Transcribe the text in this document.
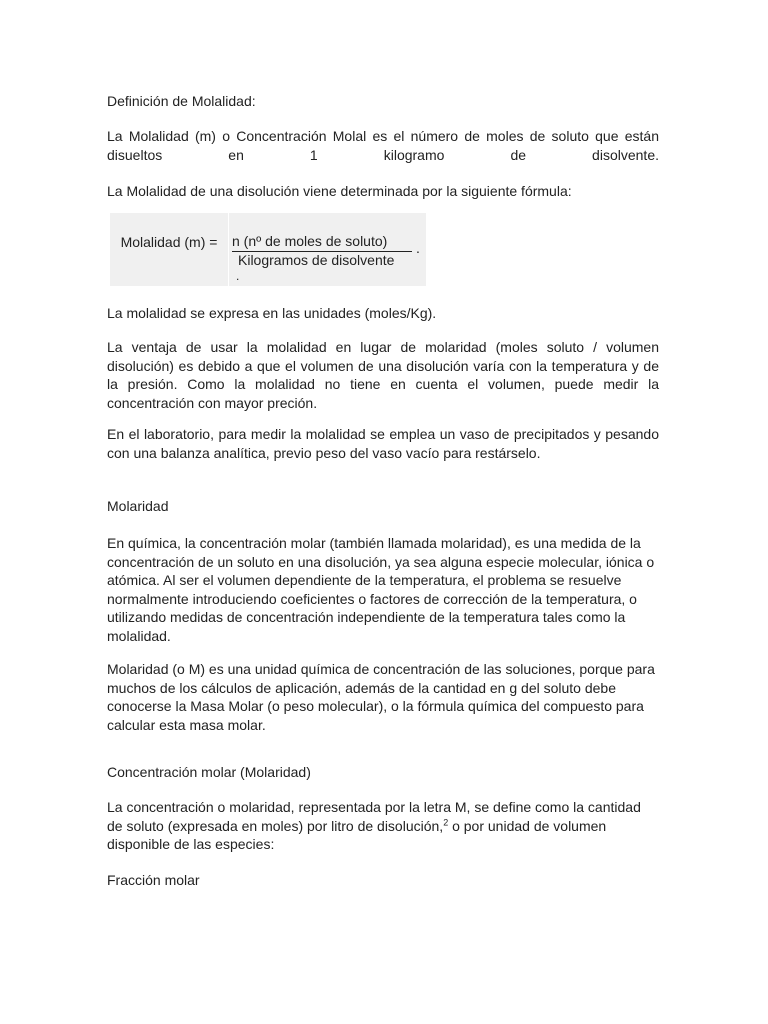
Definición de Molalidad:

La Molalidad (m) o Concentración Molal es el número de moles de soluto que están disueltos en 1 kilogramo de disolvente.

La Molalidad de una disolución viene determinada por la siguiente fórmula:

Molalidad (m) =	n (nº de moles de soluto)
Kilogramos de disolvente
.
.

La molalidad se expresa en las unidades (moles/Kg).

La ventaja de usar la molalidad en lugar de molaridad (moles soluto / volumen disolución) es debido a que el volumen de una disolución varía con la temperatura y de la presión. Como la molalidad no tiene en cuenta el volumen, puede medir la concentración con mayor preción.

En el laboratorio, para medir la molalidad se emplea un vaso de precipitados y pesando con una balanza analítica, previo peso del vaso vacío para restárselo.

Molaridad

En química, la concentración molar (también llamada molaridad), es una medida de la concentración de un soluto en una disolución, ya sea alguna especie molecular, iónica o atómica. Al ser el volumen dependiente de la temperatura, el problema se resuelve normalmente introduciendo coeficientes o factores de corrección de la temperatura, o utilizando medidas de concentración independiente de la temperatura tales como la molalidad.

Molaridad (o M) es una unidad química de concentración de las soluciones, porque para muchos de los cálculos de aplicación, además de la cantidad en g del soluto debe conocerse la Masa Molar (o peso molecular), o la fórmula química del compuesto para calcular esta masa molar.

Concentración molar (Molaridad)

La concentración o molaridad, representada por la letra M, se define como la cantidad de soluto (expresada en moles) por litro de disolución,$^2$ o por unidad de volumen disponible de las especies:

Fracción molar
